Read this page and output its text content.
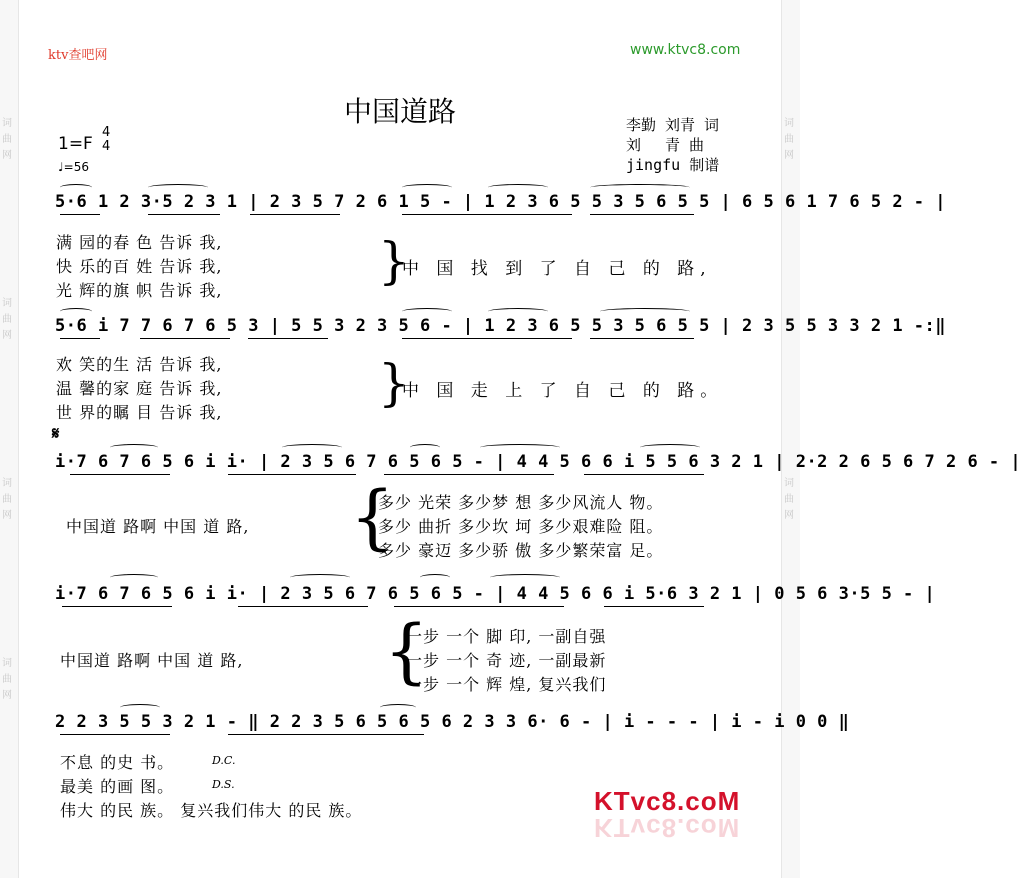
词
曲
网
词
曲
网
词
曲
网
词
曲
网
词
曲
网
词
曲
网
ktv查吧网	www.ktvc8.com
中国道路	李勤 刘青 词
刘　 青 曲
jingfu 制谱
1=F
4
4
♩=56
5·6 1 2 3·5 2 3 1 | 2 3 5 7 2 6 1 5 - | 1 2 3 6 5 5 3 5 6 5 5 | 6 5 6 1 7 6 5 2 - |
满 园的春 色 告诉 我,
快 乐的百 姓 告诉 我,
光 辉的旗 帜 告诉 我,
}
中 国 找 到 了 自 己 的 路,
5·6 i 7 7 6 7 6 5 3 | 5 5 3 2 3 5 6 - | 1 2 3 6 5 5 3 5 6 5 5 | 2 3 5 5 3 3 2 1 -:‖
欢 笑的生 活 告诉 我,
温 馨的家 庭 告诉 我,
世 界的瞩 目 告诉 我,
}
中 国 走 上 了 自 己 的 路。
𝄋
i·7 6 7 6 5 6 i i· | 2 3 5 6 7 6 5 6 5 - | 4 4 5 6 6 i 5 5 6 3 2 1 | 2·2 2 6 5 6 7 2 6 - |
中国道 路啊 中国 道 路, {
多少 光荣 多少梦 想 多少风流人 物。
多少 曲折 多少坎 坷 多少艰难险 阻。
多少 豪迈 多少骄 傲 多少繁荣富 足。
i·7 6 7 6 5 6 i i· | 2 3 5 6 7 6 5 6 5 - | 4 4 5 6 6 i 5·6 3 2 1 | 0 5 6 3·5 5 - |
中国道 路啊 中国 道 路, {
一步 一个 脚 印, 一副自强
一步 一个 奇 迹, 一副最新
一步 一个 辉 煌, 复兴我们
2 2 3 5 5 3 2 1 - ‖ 2 2 3 5 6 5 6 5 6 2 3 3 6· 6 - | i - - - | i - i 0 0 ‖
不息 的史 书。	D.C.
最美 的画 图。	D.S.
伟大 的民 族。 复兴我们伟大 的民 族。	KTvc8.coM
KTvc8.coM
